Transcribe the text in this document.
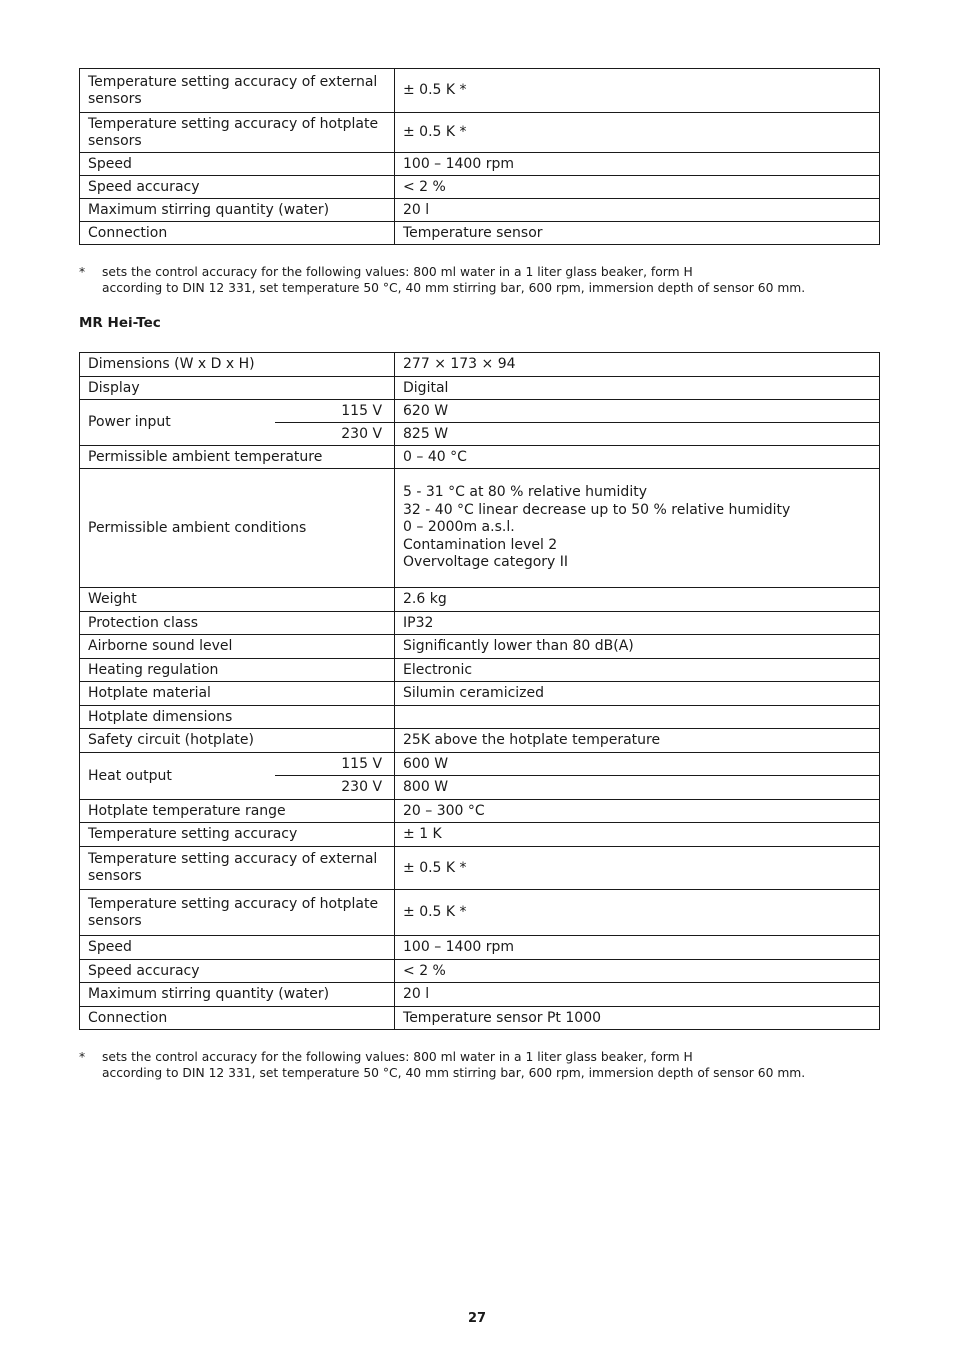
Temperature setting accuracy of external sensors	± 0.5 K *
Temperature setting accuracy of hotplate sensors	± 0.5 K *
Speed	100 – 1400 rpm
Speed accuracy	< 2 %
Maximum stirring quantity (water)	20 l
Connection	Temperature sensor
*	sets the control accuracy for the following values: 800 ml water in a 1 liter glass beaker, form H
according to DIN 12 331, set temperature 50 °C, 40 mm stirring bar, 600 rpm, immersion depth of sensor 60 mm.
MR Hei-Tec
Dimensions (W x D x H)		277 × 173 × 94
Display		Digital
Power input	115 V	620 W
	230 V	825 W
Permissible ambient temperature		0 – 40 °C
Permissible ambient conditions		5 - 31 °C at 80 % relative humidity
32 - 40 °C linear decrease up to 50 % relative humidity
0 – 2000m a.s.l.
Contamination level 2
Overvoltage category II

Weight		2.6 kg
Protection class		IP32
Airborne sound level		Significantly lower than 80 dB(A)
Heating regulation		Electronic
Hotplate material		Silumin ceramicized
Hotplate dimensions		
Safety circuit (hotplate)		25K above the hotplate temperature
Heat output	115 V	600 W
	230 V	800 W
Hotplate temperature range		20 – 300 °C
Temperature setting accuracy		± 1 K
Temperature setting accuracy of external sensors		± 0.5 K *
Temperature setting accuracy of hotplate sensors		± 0.5 K *
Speed		100 – 1400 rpm
Speed accuracy		< 2 %
Maximum stirring quantity (water)		20 l
Connection		Temperature sensor Pt 1000
*	sets the control accuracy for the following values: 800 ml water in a 1 liter glass beaker, form H
according to DIN 12 331, set temperature 50 °C, 40 mm stirring bar, 600 rpm, immersion depth of sensor 60 mm.
27
